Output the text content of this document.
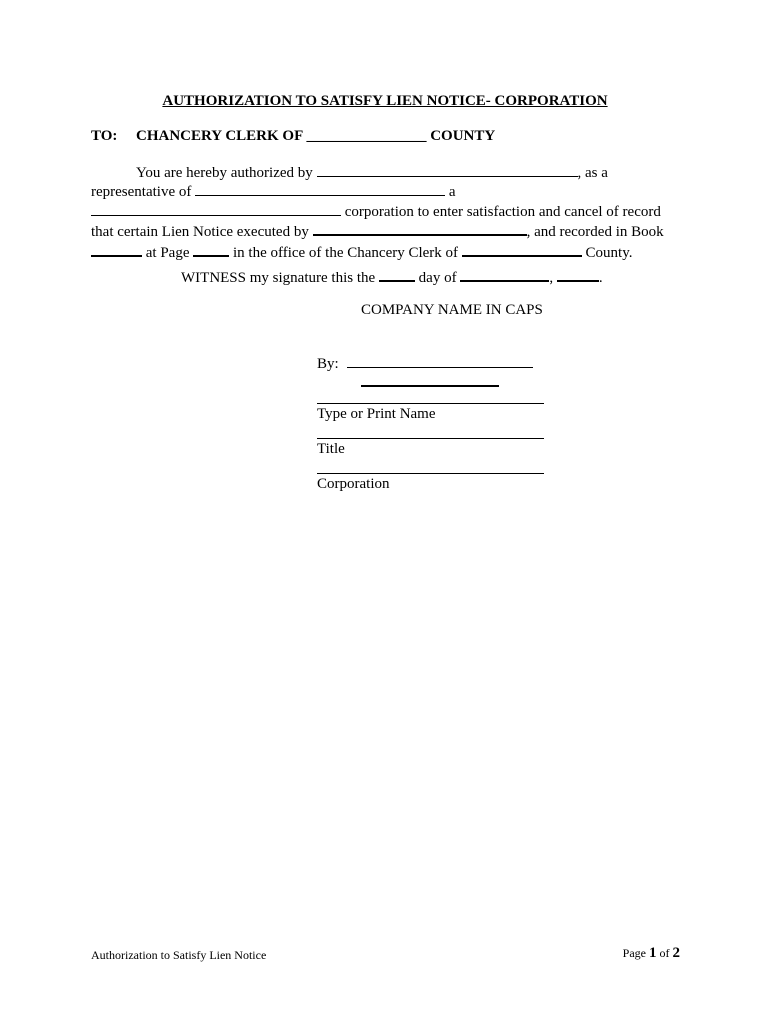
AUTHORIZATION TO SATISFY LIEN NOTICE- CORPORATION
TO: CHANCERY CLERK OF ________________ COUNTY
You are hereby authorized by	, as a
representative of	a
corporation to enter satisfaction and cancel of record
that certain Lien Notice executed by	, and recorded in Book
at Page  in the office of the Chancery Clerk of	County.
WITNESS my signature this the  day of	,	.
COMPANY NAME IN CAPS
By:
Type or Print Name
Title
Corporation
Authorization to Satisfy Lien Notice	Page 1 of 2
